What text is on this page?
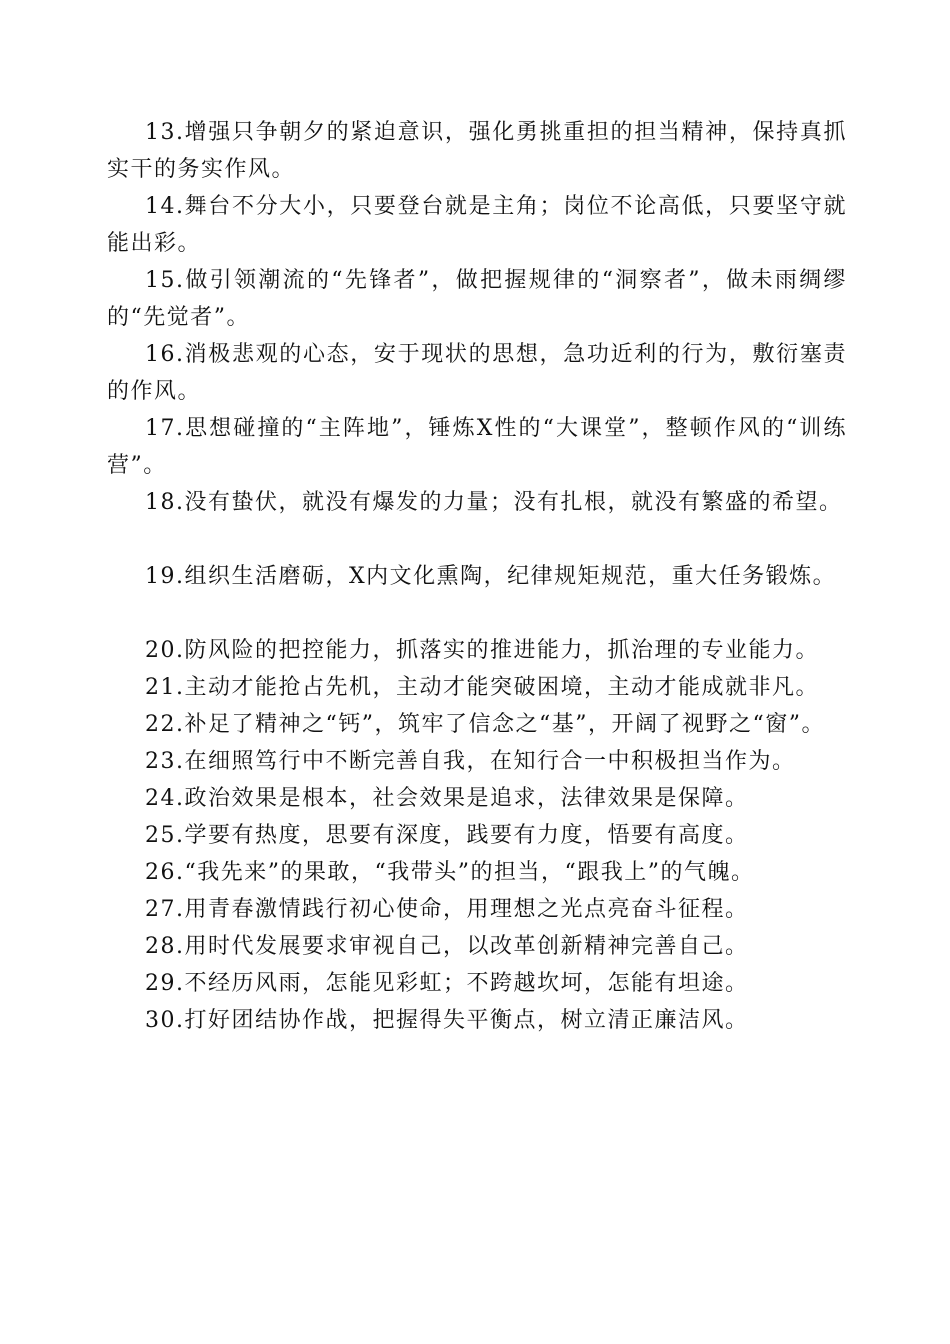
13.增强只争朝夕的紧迫意识，强化勇挑重担的担当精神，保持真抓实干的务实作风。

14.舞台不分大小，只要登台就是主角；岗位不论高低，只要坚守就能出彩。

15.做引领潮流的“先锋者”，做把握规律的“洞察者”，做未雨绸缪的“先觉者”。

16.消极悲观的心态，安于现状的思想，急功近利的行为，敷衍塞责的作风。

17.思想碰撞的“主阵地”，锤炼X性的“大课堂”，整顿作风的“训练营”。

18.没有蛰伏，就没有爆发的力量；没有扎根，就没有繁盛的希望。

19.组织生活磨砺，X内文化熏陶，纪律规矩规范，重大任务锻炼。

20.防风险的把控能力，抓落实的推进能力，抓治理的专业能力。

21.主动才能抢占先机，主动才能突破困境，主动才能成就非凡。

22.补足了精神之“钙”，筑牢了信念之“基”，开阔了视野之“窗”。

23.在细照笃行中不断完善自我，在知行合一中积极担当作为。

24.政治效果是根本，社会效果是追求，法律效果是保障。

25.学要有热度，思要有深度，践要有力度，悟要有高度。

26.“我先来”的果敢，“我带头”的担当，“跟我上”的气魄。

27.用青春激情践行初心使命，用理想之光点亮奋斗征程。

28.用时代发展要求审视自己，以改革创新精神完善自己。

29.不经历风雨，怎能见彩虹；不跨越坎坷，怎能有坦途。

30.打好团结协作战，把握得失平衡点，树立清正廉洁风。
